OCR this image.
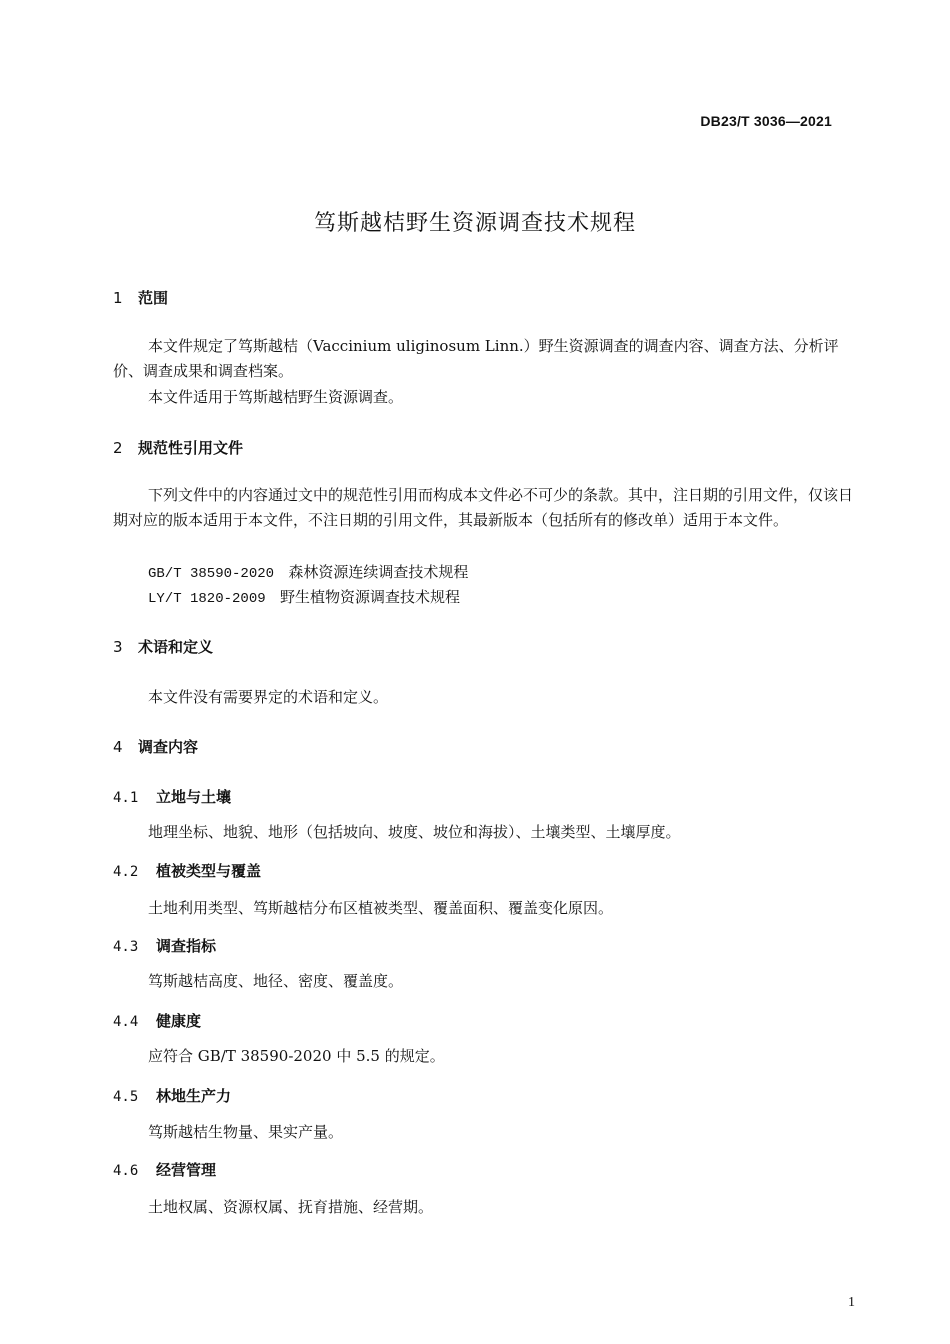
DB23/T 3036—2021
笃斯越桔野生资源调查技术规程
1 范围
本文件规定了笃斯越桔（Vaccinium uliginosum Linn.）野生资源调查的调查内容、调查方法、分析评价、调查成果和调查档案。
本文件适用于笃斯越桔野生资源调查。
2 规范性引用文件
下列文件中的内容通过文中的规范性引用而构成本文件必不可少的条款。其中，注日期的引用文件，仅该日期对应的版本适用于本文件，不注日期的引用文件，其最新版本（包括所有的修改单）适用于本文件。
GB/T 38590-2020 森林资源连续调查技术规程
LY/T 1820-2009 野生植物资源调查技术规程
3 术语和定义
本文件没有需要界定的术语和定义。
4 调查内容
4.1 立地与土壤
地理坐标、地貌、地形（包括坡向、坡度、坡位和海拔）、土壤类型、土壤厚度。
4.2 植被类型与覆盖
土地利用类型、笃斯越桔分布区植被类型、覆盖面积、覆盖变化原因。
4.3 调查指标
笃斯越桔高度、地径、密度、覆盖度。
4.4 健康度
应符合 GB/T 38590-2020 中 5.5 的规定。
4.5 林地生产力
笃斯越桔生物量、果实产量。
4.6 经营管理
土地权属、资源权属、抚育措施、经营期。
1
